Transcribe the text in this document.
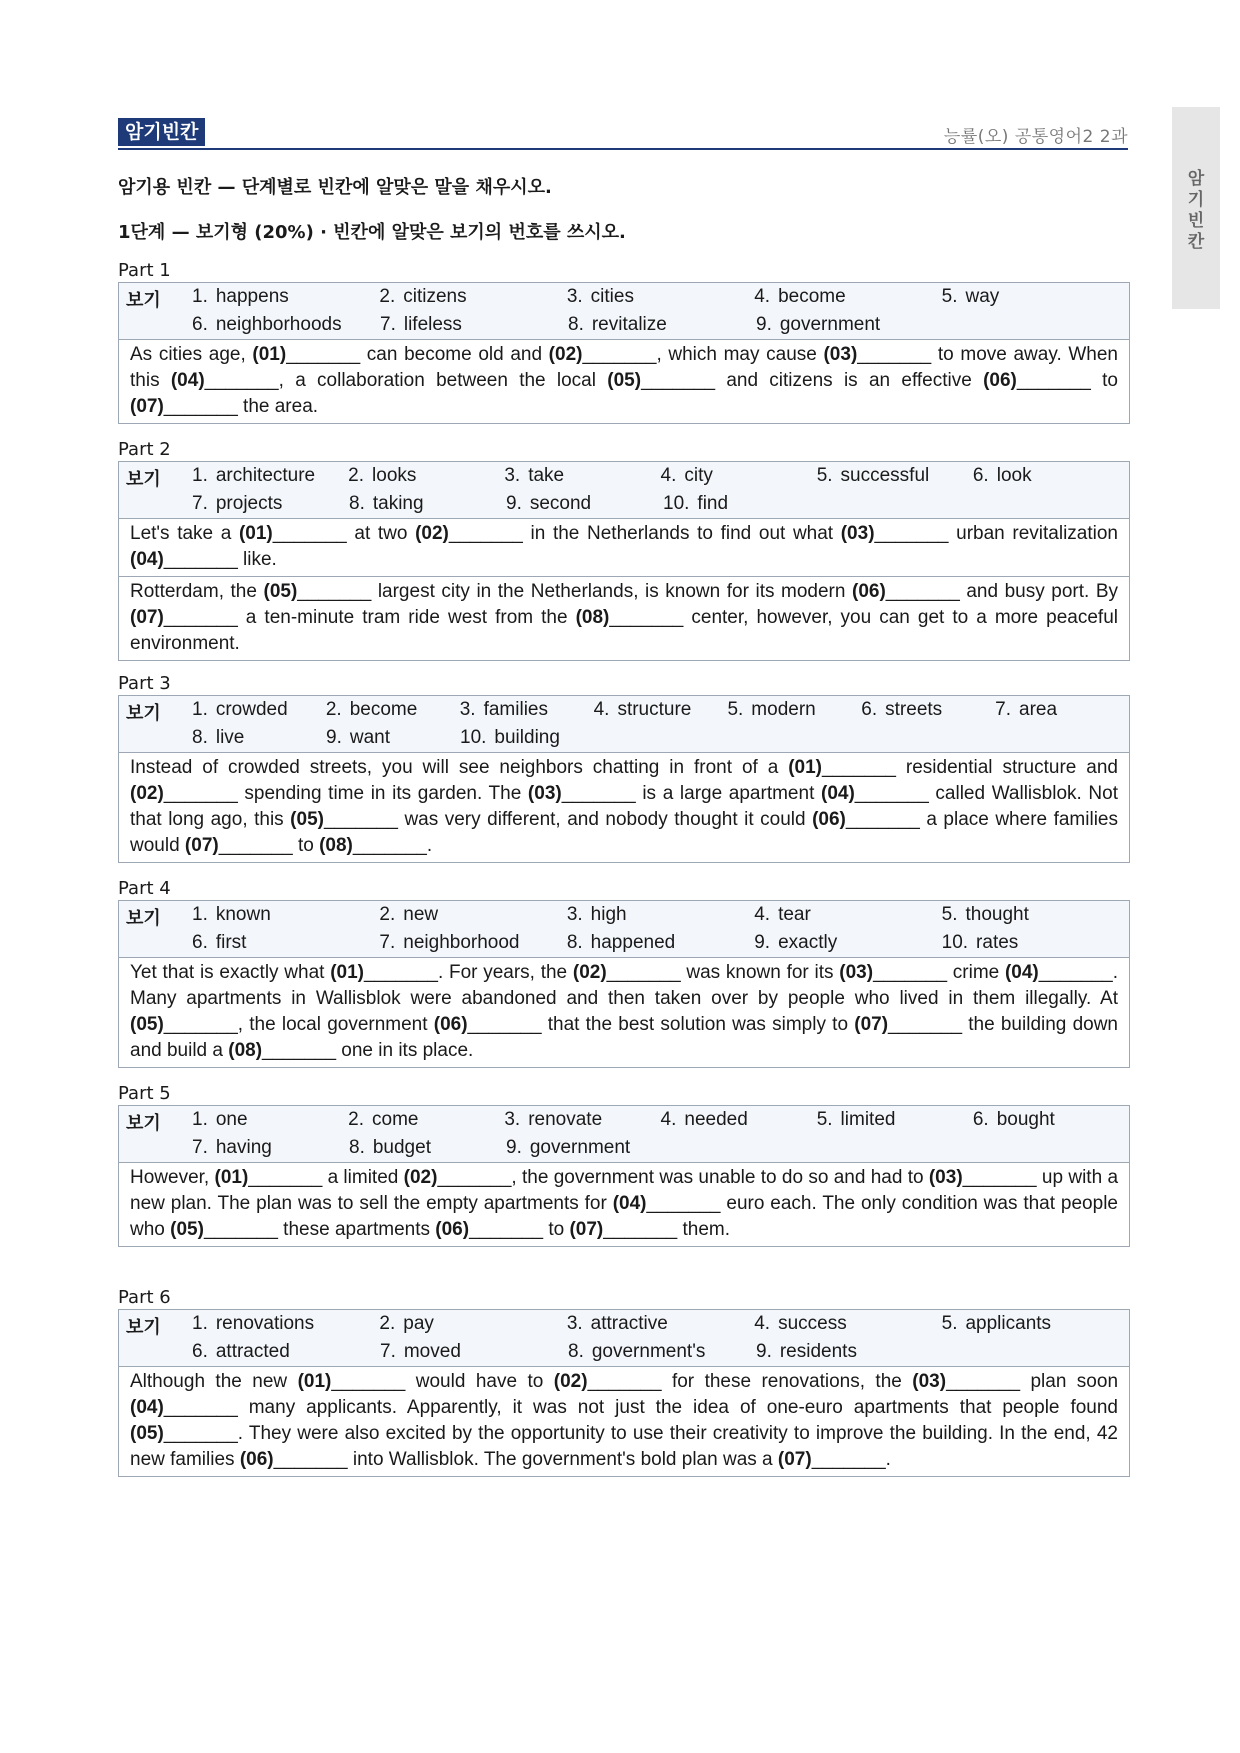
암기빈칸	능률(오) 공통영어2 2과
암
기
빈
칸
암기용 빈칸 — 단계별로 빈칸에 알맞은 말을 채우시오.
1단계 — 보기형 (20%) · 빈칸에 알맞은 보기의 번호를 쓰시오.
Part 1
보기 1. happens	2. citizens	3. cities	4. become	5. way
6. neighborhoods	7. lifeless	8. revitalize	9. government
As cities age, (01)_______ can become old and (02)_______, which may cause (03)_______ to move away. When this (04)_______, a collaboration between the local (05)_______ and citizens is an effective (06)_______ to (07)_______ the area.
Part 2
보기 1. architecture	2. looks	3. take	4. city	5. successful	6. look
7. projects	8. taking	9. second	10. find
Let's take a (01)_______ at two (02)_______ in the Netherlands to find out what (03)_______ urban revitalization (04)_______ like.
Rotterdam, the (05)_______ largest city in the Netherlands, is known for its modern (06)_______ and busy port. By (07)_______ a ten-minute tram ride west from the (08)_______ center, however, you can get to a more peaceful environment.
Part 3
보기 1. crowded	2. become	3. families	4. structure	5. modern	6. streets	7. area
8. live	9. want	10. building
Instead of crowded streets, you will see neighbors chatting in front of a (01)_______ residential structure and (02)_______ spending time in its garden. The (03)_______ is a large apartment (04)_______ called Wallisblok. Not that long ago, this (05)_______ was very different, and nobody thought it could (06)_______ a place where families would (07)_______ to (08)_______.
Part 4
보기 1. known	2. new	3. high	4. tear	5. thought
6. first	7. neighborhood	8. happened	9. exactly	10. rates
Yet that is exactly what (01)_______. For years, the (02)_______ was known for its (03)_______ crime (04)_______. Many apartments in Wallisblok were abandoned and then taken over by people who lived in them illegally. At (05)_______, the local government (06)_______ that the best solution was simply to (07)_______ the building down and build a (08)_______ one in its place.
Part 5
보기 1. one	2. come	3. renovate	4. needed	5. limited	6. bought
7. having	8. budget	9. government
However, (01)_______ a limited (02)_______, the government was unable to do so and had to (03)_______ up with a new plan. The plan was to sell the empty apartments for (04)_______ euro each. The only condition was that people who (05)_______ these apartments (06)_______ to (07)_______ them.
Part 6
보기 1. renovations	2. pay	3. attractive	4. success	5. applicants
6. attracted	7. moved	8. government's	9. residents
Although the new (01)_______ would have to (02)_______ for these renovations, the (03)_______ plan soon (04)_______ many applicants. Apparently, it was not just the idea of one-euro apartments that people found (05)_______. They were also excited by the opportunity to use their creativity to improve the building. In the end, 42 new families (06)_______ into Wallisblok. The government's bold plan was a (07)_______.
